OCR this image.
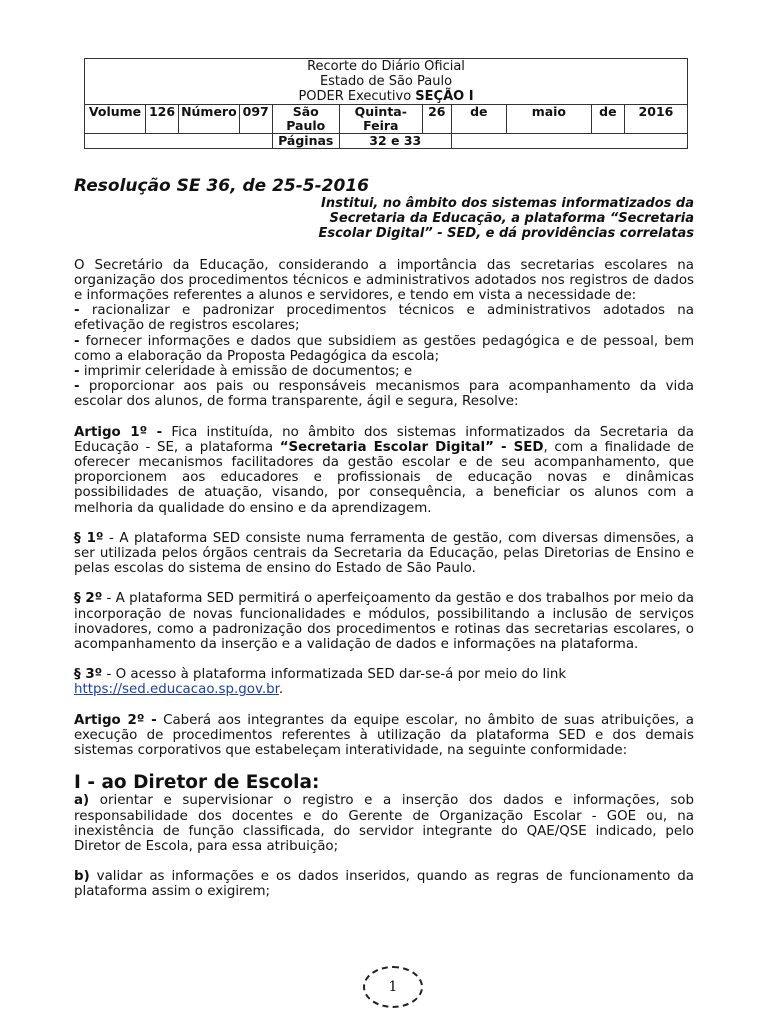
Recorte do Diário Oficial
Estado de São Paulo
PODER Executivo SEÇÃO I										

Volume	126	Número	097	São Paulo	Quinta-Feira	26	de	maio	de	2016
				Páginas	32 e 33					
Resolução SE 36, de 25-5-2016

Institui, no âmbito dos sistemas informatizados da Secretaria da Educação, a plataforma “Secretaria Escolar Digital” - SED, e dá providências correlatas

O Secretário da Educação, considerando a importância das secretarias escolares na organização dos procedimentos técnicos e administrativos adotados nos registros de dados e informações referentes a alunos e servidores, e tendo em vista a necessidade de:

- racionalizar e padronizar procedimentos técnicos e administrativos adotados na efetivação de registros escolares;

- fornecer informações e dados que subsidiem as gestões pedagógica e de pessoal, bem como a elaboração da Proposta Pedagógica da escola;

- imprimir celeridade à emissão de documentos; e

- proporcionar aos pais ou responsáveis mecanismos para acompanhamento da vida escolar dos alunos, de forma transparente, ágil e segura, Resolve:

Artigo 1º - Fica instituída, no âmbito dos sistemas informatizados da Secretaria da Educação - SE, a plataforma “Secretaria Escolar Digital” - SED, com a finalidade de oferecer mecanismos facilitadores da gestão escolar e de seu acompanhamento, que proporcionem aos educadores e profissionais de educação novas e dinâmicas possibilidades de atuação, visando, por consequência, a beneficiar os alunos com a melhoria da qualidade do ensino e da aprendizagem.

§ 1º - A plataforma SED consiste numa ferramenta de gestão, com diversas dimensões, a ser utilizada pelos órgãos centrais da Secretaria da Educação, pelas Diretorias de Ensino e pelas escolas do sistema de ensino do Estado de São Paulo.

§ 2º - A plataforma SED permitirá o aperfeiçoamento da gestão e dos trabalhos por meio da incorporação de novas funcionalidades e módulos, possibilitando a inclusão de serviços inovadores, como a padronização dos procedimentos e rotinas das secretarias escolares, o acompanhamento da inserção e a validação de dados e informações na plataforma.

§ 3º - O acesso à plataforma informatizada SED dar-se-á por meio do link
https://sed.educacao.sp.gov.br.

Artigo 2º - Caberá aos integrantes da equipe escolar, no âmbito de suas atribuições, a execução de procedimentos referentes à utilização da plataforma SED e dos demais sistemas corporativos que estabeleçam interatividade, na seguinte conformidade:

I - ao Diretor de Escola:

a) orientar e supervisionar o registro e a inserção dos dados e informações, sob responsabilidade dos docentes e do Gerente de Organização Escolar - GOE ou, na inexistência de função classificada, do servidor integrante do QAE/QSE indicado, pelo Diretor de Escola, para essa atribuição;

b) validar as informações e os dados inseridos, quando as regras de funcionamento da plataforma assim o exigirem;

1
